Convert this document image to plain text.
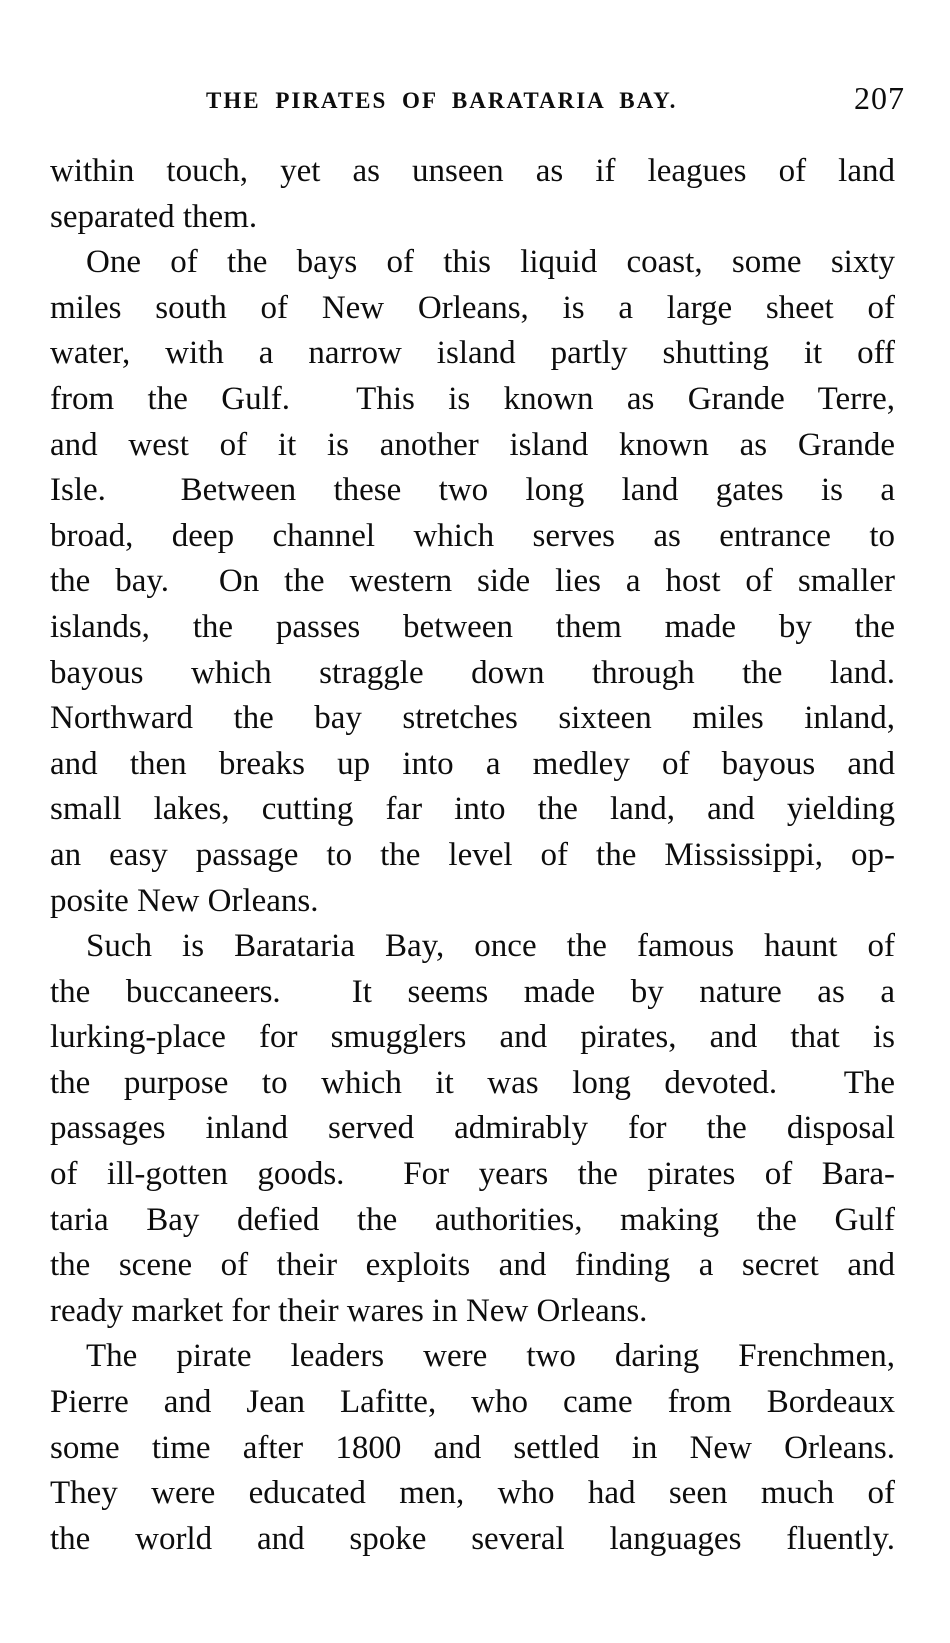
THE PIRATES OF BARATARIA BAY.	207
within touch, yet as unseen as if leagues of land
separated them.
One of the bays of this liquid coast, some sixty
miles south of New Orleans, is a large sheet of
water, with a narrow island partly shutting it off
from the Gulf.  This is known as Grande Terre,
and west of it is another island known as Grande
Isle.  Between these two long land gates is a
broad, deep channel which serves as entrance to
the bay.  On the western side lies a host of smaller
islands, the passes between them made by the
bayous which straggle down through the land.
Northward the bay stretches sixteen miles inland,
and then breaks up into a medley of bayous and
small lakes, cutting far into the land, and yielding
an easy passage to the level of the Mississippi, op-
posite New Orleans.
Such is Barataria Bay, once the famous haunt of
the buccaneers.  It seems made by nature as a
lurking-place for smugglers and pirates, and that is
the purpose to which it was long devoted.  The
passages inland served admirably for the disposal
of ill-gotten goods.  For years the pirates of Bara-
taria Bay defied the authorities, making the Gulf
the scene of their exploits and finding a secret and
ready market for their wares in New Orleans.
The pirate leaders were two daring Frenchmen,
Pierre and Jean Lafitte, who came from Bordeaux
some time after 1800 and settled in New Orleans.
They were educated men, who had seen much of
the world and spoke several languages fluently.
